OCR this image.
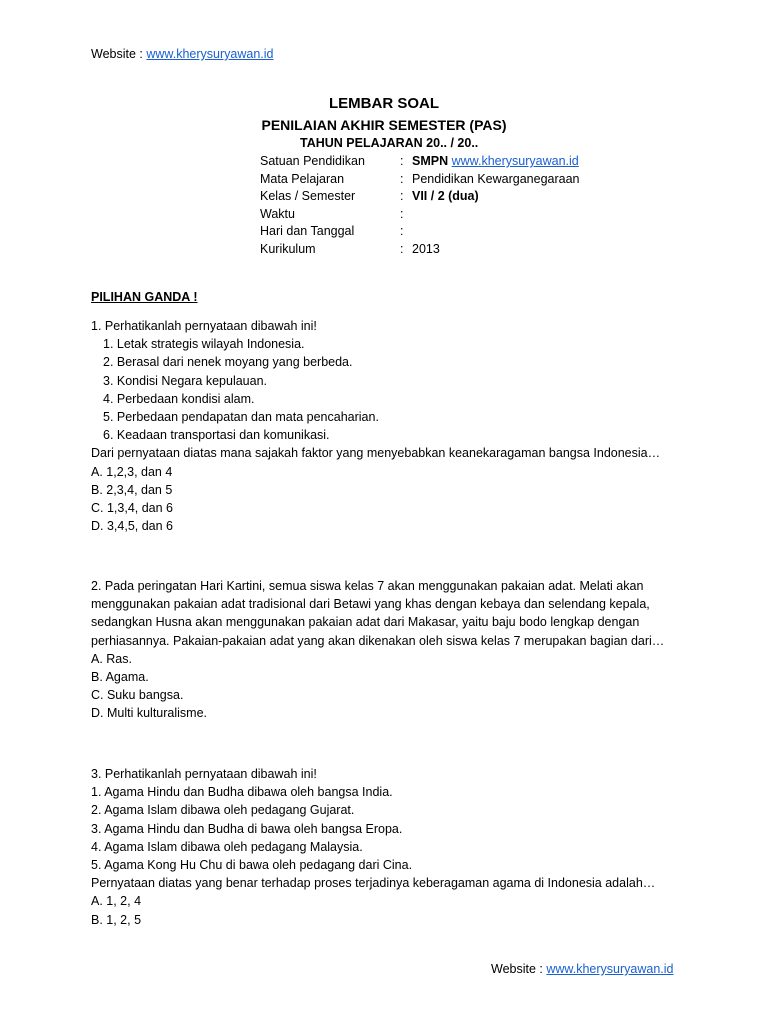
Website : www.kherysuryawan.id
LEMBAR SOAL
PENILAIAN AKHIR SEMESTER (PAS)
TAHUN PELAJARAN 20.. / 20..
Satuan Pendidikan	: SMPN www.kherysuryawan.id
Mata Pelajaran	: Pendidikan Kewarganegaraan
Kelas / Semester	: VII / 2 (dua)
Waktu	:
Hari dan Tanggal	:
Kurikulum	: 2013
PILIHAN GANDA !
1. Perhatikanlah pernyataan dibawah ini!
1. Letak strategis wilayah Indonesia.
2. Berasal dari nenek moyang yang berbeda.
3. Kondisi Negara kepulauan.
4. Perbedaan kondisi alam.
5. Perbedaan pendapatan dan mata pencaharian.
6. Keadaan transportasi dan komunikasi.
Dari pernyataan diatas mana sajakah faktor yang menyebabkan keanekaragaman bangsa Indonesia…
A. 1,2,3, dan 4
B. 2,3,4, dan 5
C. 1,3,4, dan 6
D. 3,4,5, dan 6
2. Pada peringatan Hari Kartini, semua siswa kelas 7 akan menggunakan pakaian adat. Melati akan
menggunakan pakaian adat tradisional dari Betawi yang khas dengan kebaya dan selendang kepala,
sedangkan Husna akan menggunakan pakaian adat dari Makasar, yaitu baju bodo lengkap dengan
perhiasannya. Pakaian-pakaian adat yang akan dikenakan oleh siswa kelas 7 merupakan bagian dari…
A. Ras.
B. Agama.
C. Suku bangsa.
D. Multi kulturalisme.
3. Perhatikanlah pernyataan dibawah ini!
1. Agama Hindu dan Budha dibawa oleh bangsa India.
2. Agama Islam dibawa oleh pedagang Gujarat.
3. Agama Hindu dan Budha di bawa oleh bangsa Eropa.
4. Agama Islam dibawa oleh pedagang Malaysia.
5. Agama Kong Hu Chu di bawa oleh pedagang dari Cina.
Pernyataan diatas yang benar terhadap proses terjadinya keberagaman agama di Indonesia adalah…
A. 1, 2, 4
B. 1, 2, 5
Website : www.kherysuryawan.id
